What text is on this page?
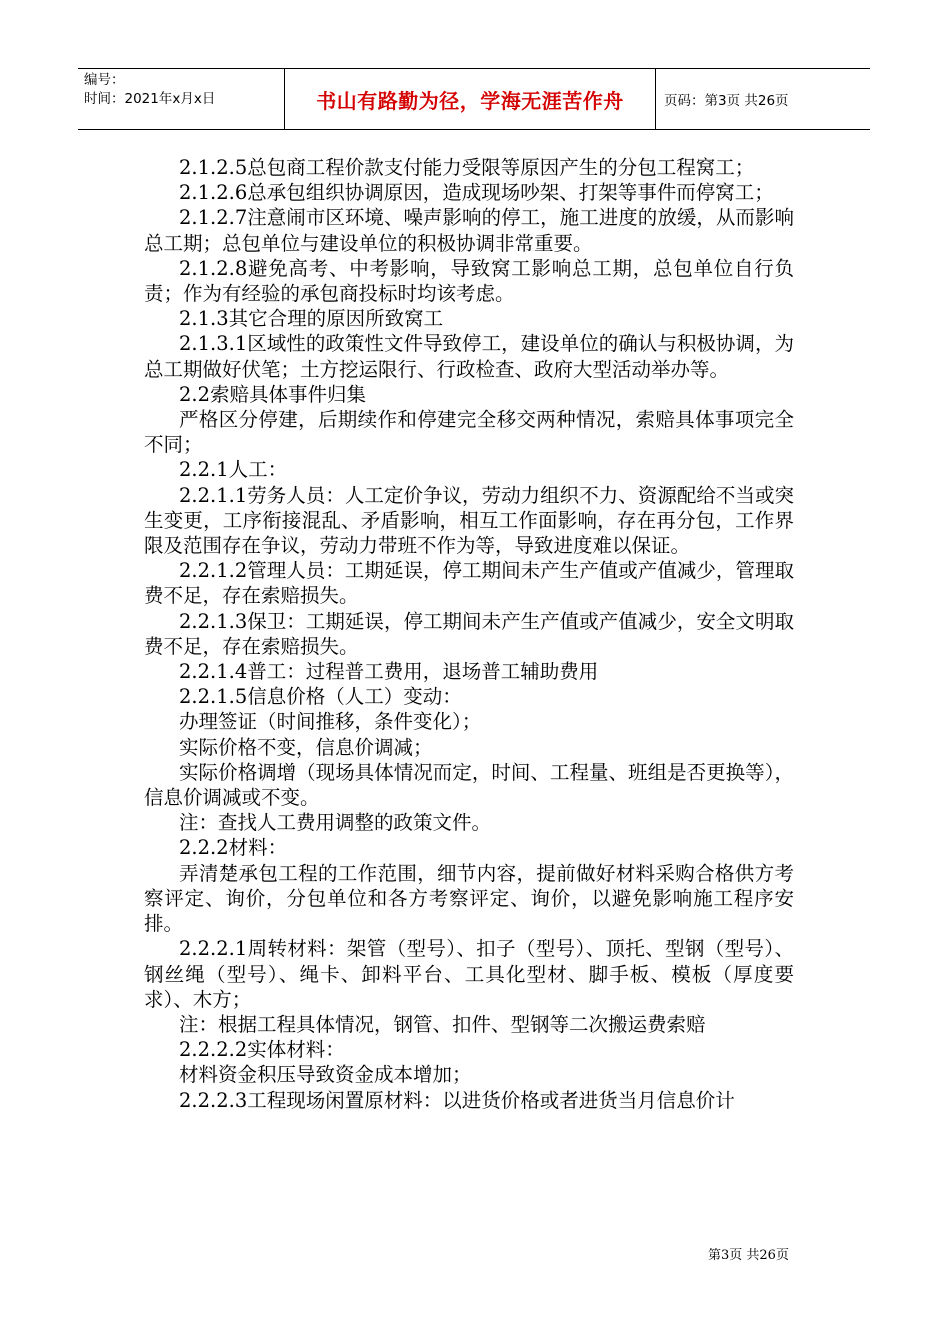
编号：
时间：2021年x月x日	书山有路勤为径，学海无涯苦作舟	页码：第3页 共26页

2.1.2.5总包商工程价款支付能力受限等原因产生的分包工程窝工；

2.1.2.6总承包组织协调原因，造成现场吵架、打架等事件而停窝工；

2.1.2.7注意闹市区环境、噪声影响的停工，施工进度的放缓，从而影响总工期；总包单位与建设单位的积极协调非常重要。

2.1.2.8避免高考、中考影响，导致窝工影响总工期，总包单位自行负责；作为有经验的承包商投标时均该考虑。

2.1.3其它合理的原因所致窝工

2.1.3.1区域性的政策性文件导致停工，建设单位的确认与积极协调，为总工期做好伏笔；土方挖运限行、行政检查、政府大型活动举办等。

2.2索赔具体事件归集

严格区分停建，后期续作和停建完全移交两种情况，索赔具体事项完全不同；

2.2.1人工：

2.2.1.1劳务人员：人工定价争议，劳动力组织不力、资源配给不当或突生变更，工序衔接混乱、矛盾影响，相互工作面影响，存在再分包，工作界限及范围存在争议，劳动力带班不作为等，导致进度难以保证。

2.2.1.2管理人员：工期延误，停工期间未产生产值或产值减少，管理取费不足，存在索赔损失。

2.2.1.3保卫：工期延误，停工期间未产生产值或产值减少，安全文明取费不足，存在索赔损失。

2.2.1.4普工：过程普工费用，退场普工辅助费用

2.2.1.5信息价格（人工）变动：

办理签证（时间推移，条件变化）；

实际价格不变，信息价调减；

实际价格调增（现场具体情况而定，时间、工程量、班组是否更换等），信息价调减或不变。

注：查找人工费用调整的政策文件。

2.2.2材料：

弄清楚承包工程的工作范围，细节内容，提前做好材料采购合格供方考察评定、询价，分包单位和各方考察评定、询价，以避免影响施工程序安排。

2.2.2.1周转材料：架管（型号）、扣子（型号）、顶托、型钢（型号）、钢丝绳（型号）、绳卡、卸料平台、工具化型材、脚手板、模板（厚度要求）、木方；

注：根据工程具体情况，钢管、扣件、型钢等二次搬运费索赔

2.2.2.2实体材料：

材料资金积压导致资金成本增加；

2.2.2.3工程现场闲置原材料：以进货价格或者进货当月信息价计

第3页 共26页
